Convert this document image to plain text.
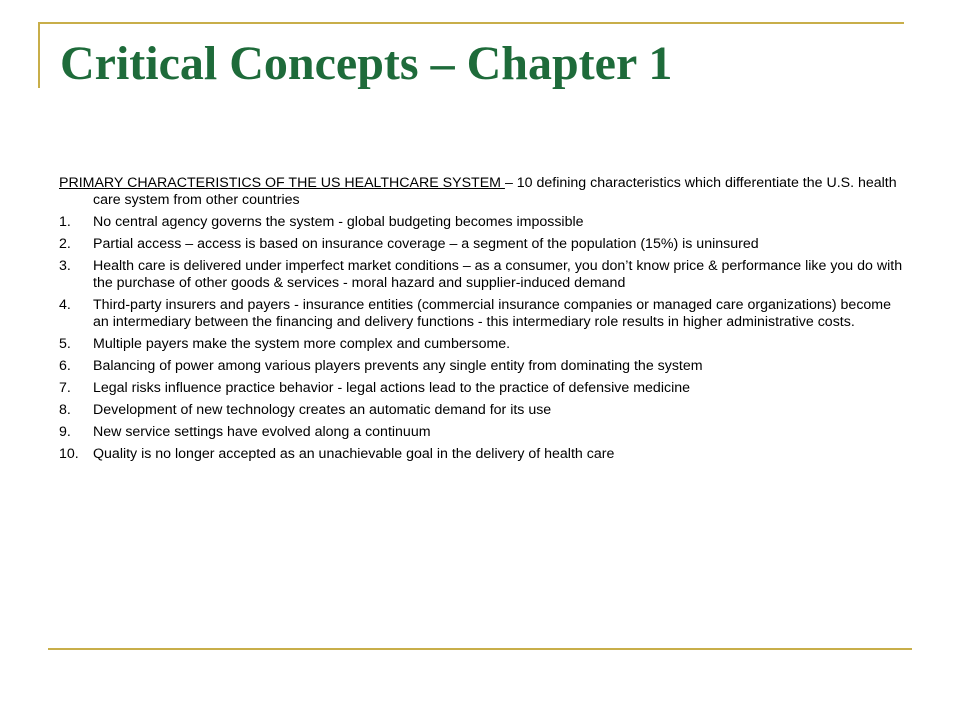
Critical Concepts – Chapter 1

PRIMARY CHARACTERISTICS OF THE US HEALTHCARE SYSTEM – 10 defining characteristics which differentiate the U.S. health care system from other countries

1. No central agency governs the system - global budgeting becomes impossible
2. Partial access – access is based on insurance coverage – a segment of the population (15%) is uninsured
3. Health care is delivered under imperfect market conditions – as a consumer, you don’t know price & performance like you do with the purchase of other goods & services - moral hazard and supplier-induced demand
4. Third-party insurers and payers - insurance entities (commercial insurance companies or managed care organizations) become an intermediary between the financing and delivery functions - this intermediary role results in higher administrative costs.
5. Multiple payers make the system more complex and cumbersome.
6. Balancing of power among various players prevents any single entity from dominating the system
7. Legal risks influence practice behavior - legal actions lead to the practice of defensive medicine
8. Development of new technology creates an automatic demand for its use
9. New service settings have evolved along a continuum
10. Quality is no longer accepted as an unachievable goal in the delivery of health care
